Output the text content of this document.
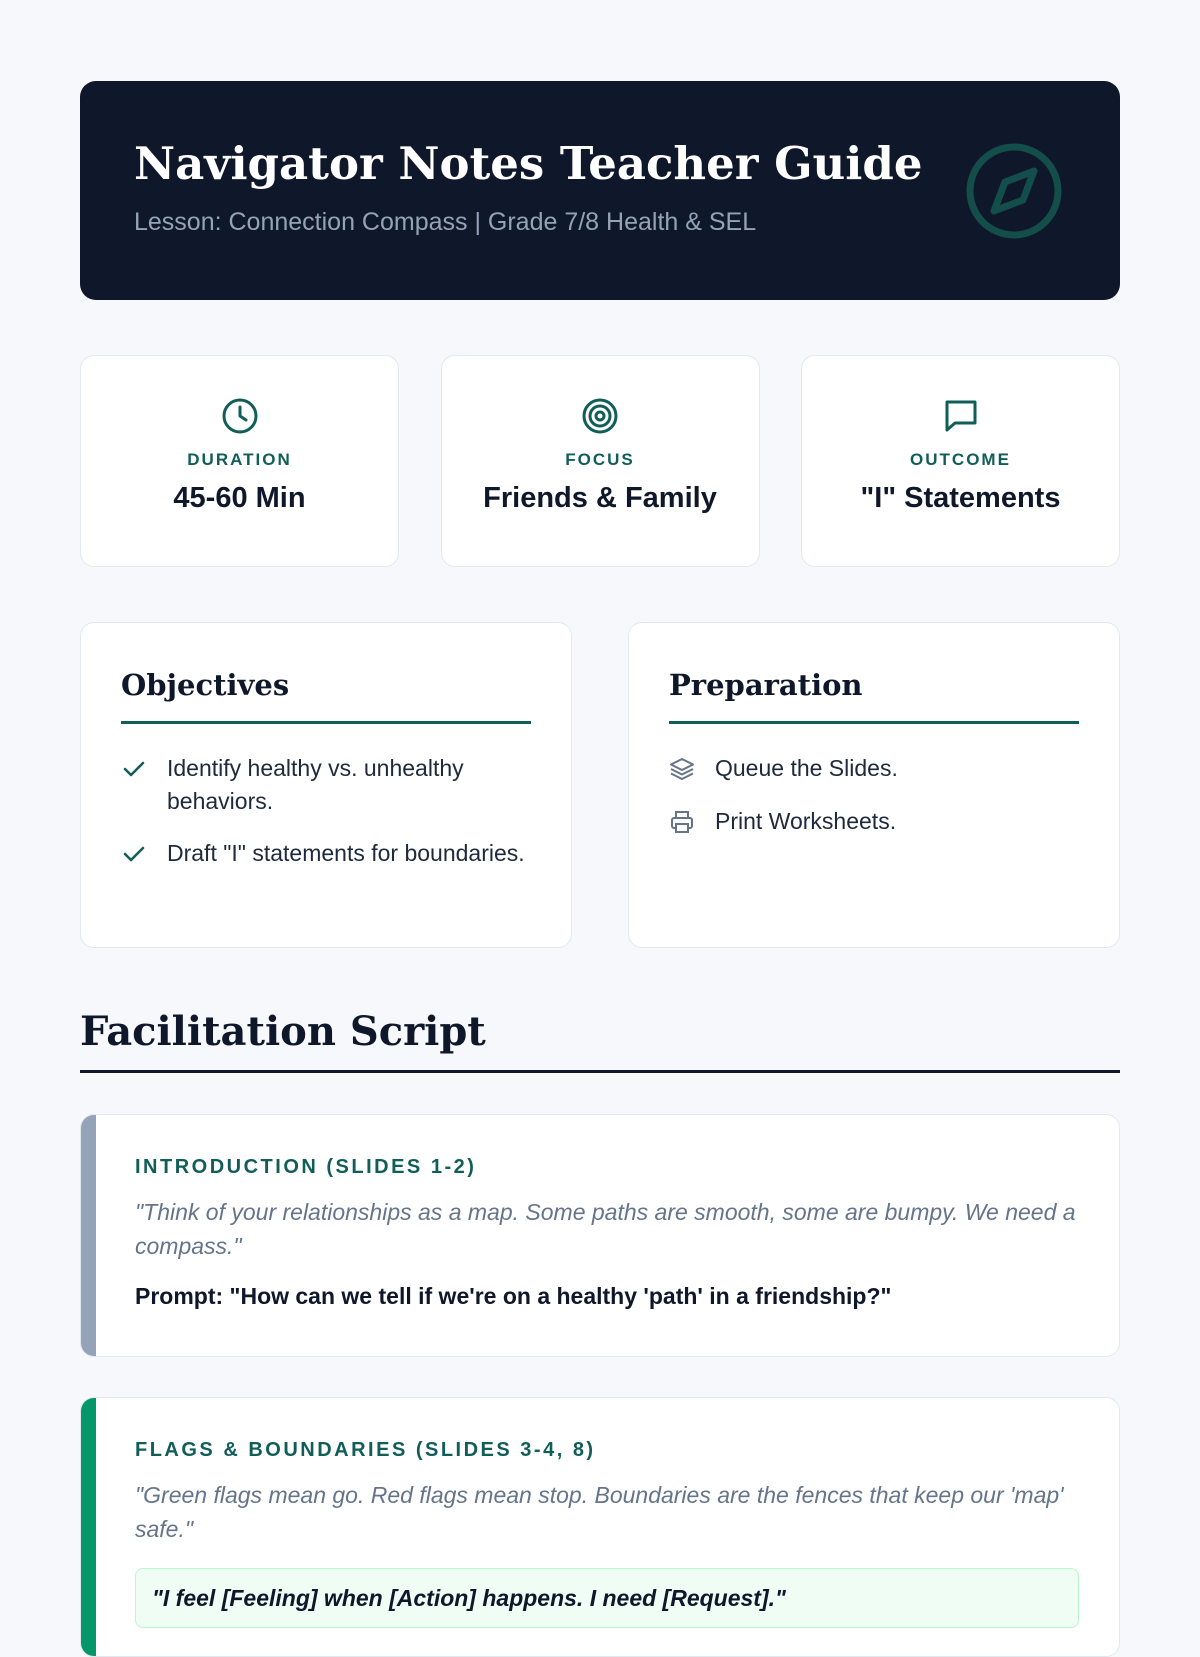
Navigator Notes Teacher Guide
Lesson: Connection Compass | Grade 7/8 Health & SEL
DURATION
45-60 Min
FOCUS
Friends & Family
OUTCOME
"I" Statements
Objectives
Identify healthy vs. unhealthy behaviors.
Draft "I" statements for boundaries.
Preparation
Queue the Slides.
Print Worksheets.
Facilitation Script
INTRODUCTION (SLIDES 1-2)
"Think of your relationships as a map. Some paths are smooth, some are bumpy. We need a compass."
Prompt: "How can we tell if we're on a healthy 'path' in a friendship?"
FLAGS & BOUNDARIES (SLIDES 3-4, 8)
"Green flags mean go. Red flags mean stop. Boundaries are the fences that keep our 'map' safe."
"I feel [Feeling] when [Action] happens. I need [Request]."
